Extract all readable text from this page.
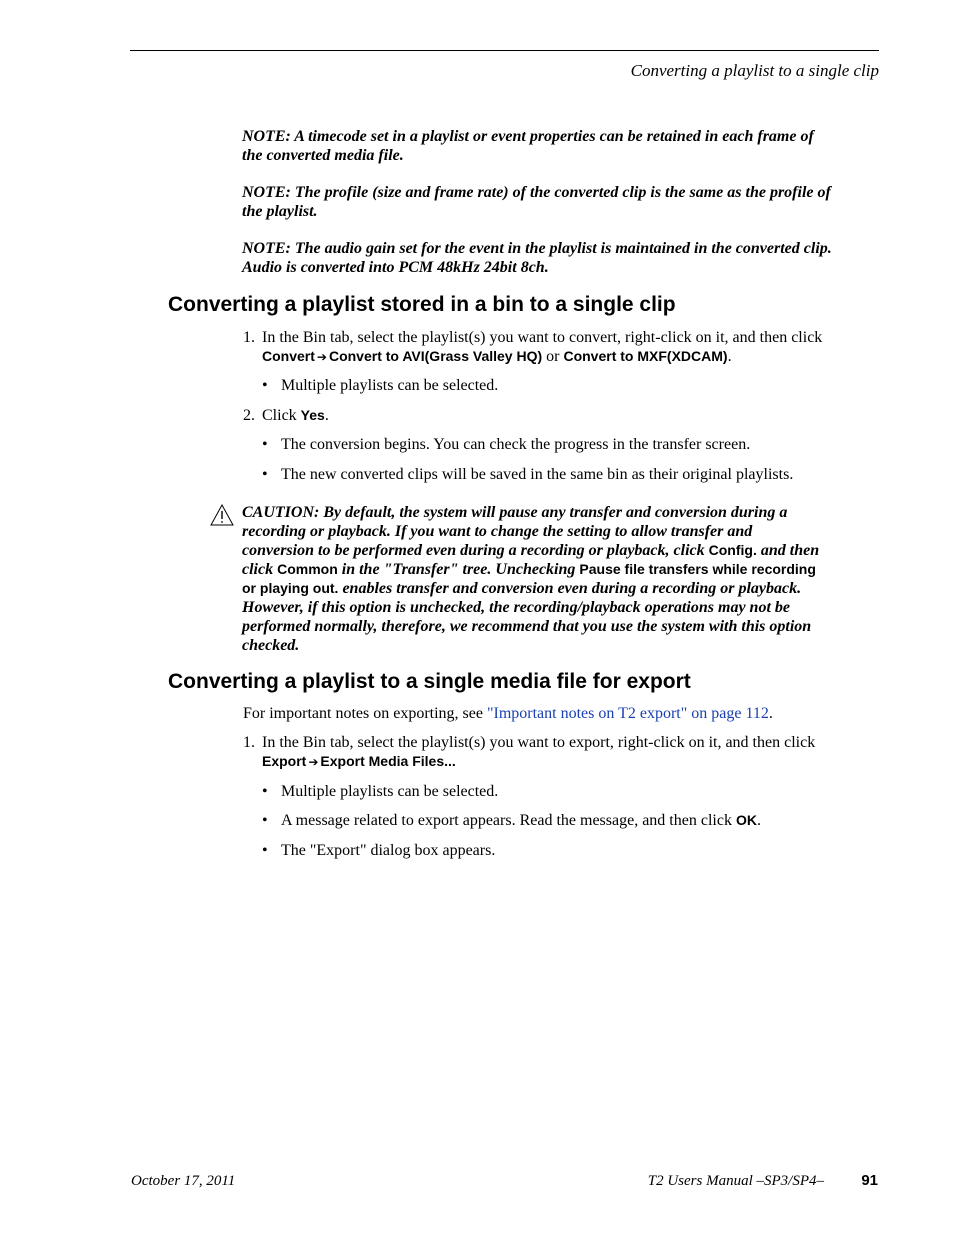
Converting a playlist to a single clip
NOTE: A timecode set in a playlist or event properties can be retained in each frame of the converted media file.
NOTE: The profile (size and frame rate) of the converted clip is the same as the profile of the playlist.
NOTE: The audio gain set for the event in the playlist is maintained in the converted clip. Audio is converted into PCM 48kHz 24bit 8ch.
Converting a playlist stored in a bin to a single clip
1. In the Bin tab, select the playlist(s) you want to convert, right-click on it, and then click Convert ➔ Convert to AVI(Grass Valley HQ) or Convert to MXF(XDCAM).
• Multiple playlists can be selected.
2. Click Yes.
• The conversion begins. You can check the progress in the transfer screen.
• The new converted clips will be saved in the same bin as their original playlists.
CAUTION: By default, the system will pause any transfer and conversion during a recording or playback. If you want to change the setting to allow transfer and conversion to be performed even during a recording or playback, click Config. and then click Common in the "Transfer" tree. Unchecking Pause file transfers while recording or playing out. enables transfer and conversion even during a recording or playback. However, if this option is unchecked, the recording/playback operations may not be performed normally, therefore, we recommend that you use the system with this option checked.
Converting a playlist to a single media file for export
For important notes on exporting, see "Important notes on T2 export" on page 112.
1. In the Bin tab, select the playlist(s) you want to export, right-click on it, and then click Export ➔ Export Media Files...
• Multiple playlists can be selected.
• A message related to export appears. Read the message, and then click OK.
• The "Export" dialog box appears.
October 17, 2011	T2 Users Manual –SP3/SP4– 91
